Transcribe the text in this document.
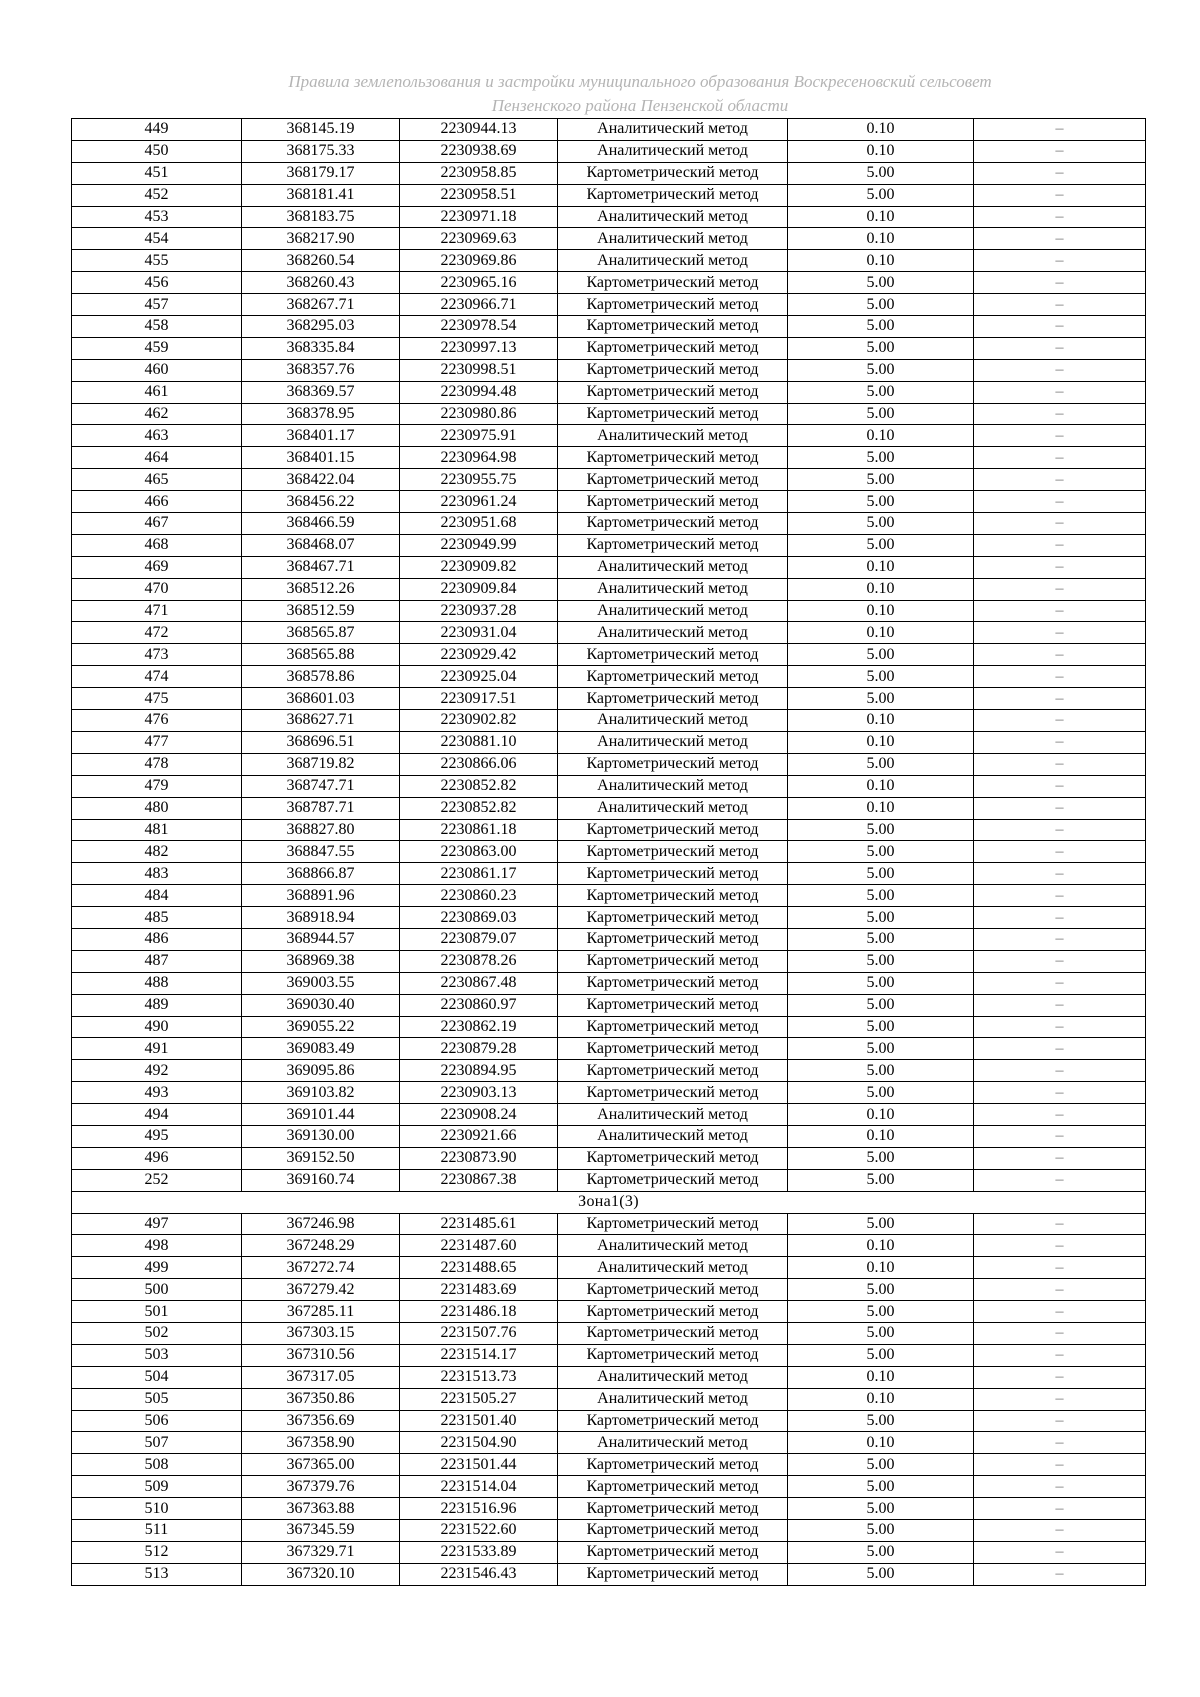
Правила землепользования и застройки муниципального образования Воскресеновский сельсовет
Пензенского района Пензенской области
449	368145.19	2230944.13	Аналитический метод	0.10	–
450	368175.33	2230938.69	Аналитический метод	0.10	–
451	368179.17	2230958.85	Картометрический метод	5.00	–
452	368181.41	2230958.51	Картометрический метод	5.00	–
453	368183.75	2230971.18	Аналитический метод	0.10	–
454	368217.90	2230969.63	Аналитический метод	0.10	–
455	368260.54	2230969.86	Аналитический метод	0.10	–
456	368260.43	2230965.16	Картометрический метод	5.00	–
457	368267.71	2230966.71	Картометрический метод	5.00	–
458	368295.03	2230978.54	Картометрический метод	5.00	–
459	368335.84	2230997.13	Картометрический метод	5.00	–
460	368357.76	2230998.51	Картометрический метод	5.00	–
461	368369.57	2230994.48	Картометрический метод	5.00	–
462	368378.95	2230980.86	Картометрический метод	5.00	–
463	368401.17	2230975.91	Аналитический метод	0.10	–
464	368401.15	2230964.98	Картометрический метод	5.00	–
465	368422.04	2230955.75	Картометрический метод	5.00	–
466	368456.22	2230961.24	Картометрический метод	5.00	–
467	368466.59	2230951.68	Картометрический метод	5.00	–
468	368468.07	2230949.99	Картометрический метод	5.00	–
469	368467.71	2230909.82	Аналитический метод	0.10	–
470	368512.26	2230909.84	Аналитический метод	0.10	–
471	368512.59	2230937.28	Аналитический метод	0.10	–
472	368565.87	2230931.04	Аналитический метод	0.10	–
473	368565.88	2230929.42	Картометрический метод	5.00	–
474	368578.86	2230925.04	Картометрический метод	5.00	–
475	368601.03	2230917.51	Картометрический метод	5.00	–
476	368627.71	2230902.82	Аналитический метод	0.10	–
477	368696.51	2230881.10	Аналитический метод	0.10	–
478	368719.82	2230866.06	Картометрический метод	5.00	–
479	368747.71	2230852.82	Аналитический метод	0.10	–
480	368787.71	2230852.82	Аналитический метод	0.10	–
481	368827.80	2230861.18	Картометрический метод	5.00	–
482	368847.55	2230863.00	Картометрический метод	5.00	–
483	368866.87	2230861.17	Картометрический метод	5.00	–
484	368891.96	2230860.23	Картометрический метод	5.00	–
485	368918.94	2230869.03	Картометрический метод	5.00	–
486	368944.57	2230879.07	Картометрический метод	5.00	–
487	368969.38	2230878.26	Картометрический метод	5.00	–
488	369003.55	2230867.48	Картометрический метод	5.00	–
489	369030.40	2230860.97	Картометрический метод	5.00	–
490	369055.22	2230862.19	Картометрический метод	5.00	–
491	369083.49	2230879.28	Картометрический метод	5.00	–
492	369095.86	2230894.95	Картометрический метод	5.00	–
493	369103.82	2230903.13	Картометрический метод	5.00	–
494	369101.44	2230908.24	Аналитический метод	0.10	–
495	369130.00	2230921.66	Аналитический метод	0.10	–
496	369152.50	2230873.90	Картометрический метод	5.00	–
252	369160.74	2230867.38	Картометрический метод	5.00	–
Зона1(3)					
497	367246.98	2231485.61	Картометрический метод	5.00	–
498	367248.29	2231487.60	Аналитический метод	0.10	–
499	367272.74	2231488.65	Аналитический метод	0.10	–
500	367279.42	2231483.69	Картометрический метод	5.00	–
501	367285.11	2231486.18	Картометрический метод	5.00	–
502	367303.15	2231507.76	Картометрический метод	5.00	–
503	367310.56	2231514.17	Картометрический метод	5.00	–
504	367317.05	2231513.73	Аналитический метод	0.10	–
505	367350.86	2231505.27	Аналитический метод	0.10	–
506	367356.69	2231501.40	Картометрический метод	5.00	–
507	367358.90	2231504.90	Аналитический метод	0.10	–
508	367365.00	2231501.44	Картометрический метод	5.00	–
509	367379.76	2231514.04	Картометрический метод	5.00	–
510	367363.88	2231516.96	Картометрический метод	5.00	–
511	367345.59	2231522.60	Картометрический метод	5.00	–
512	367329.71	2231533.89	Картометрический метод	5.00	–
513	367320.10	2231546.43	Картометрический метод	5.00	–
